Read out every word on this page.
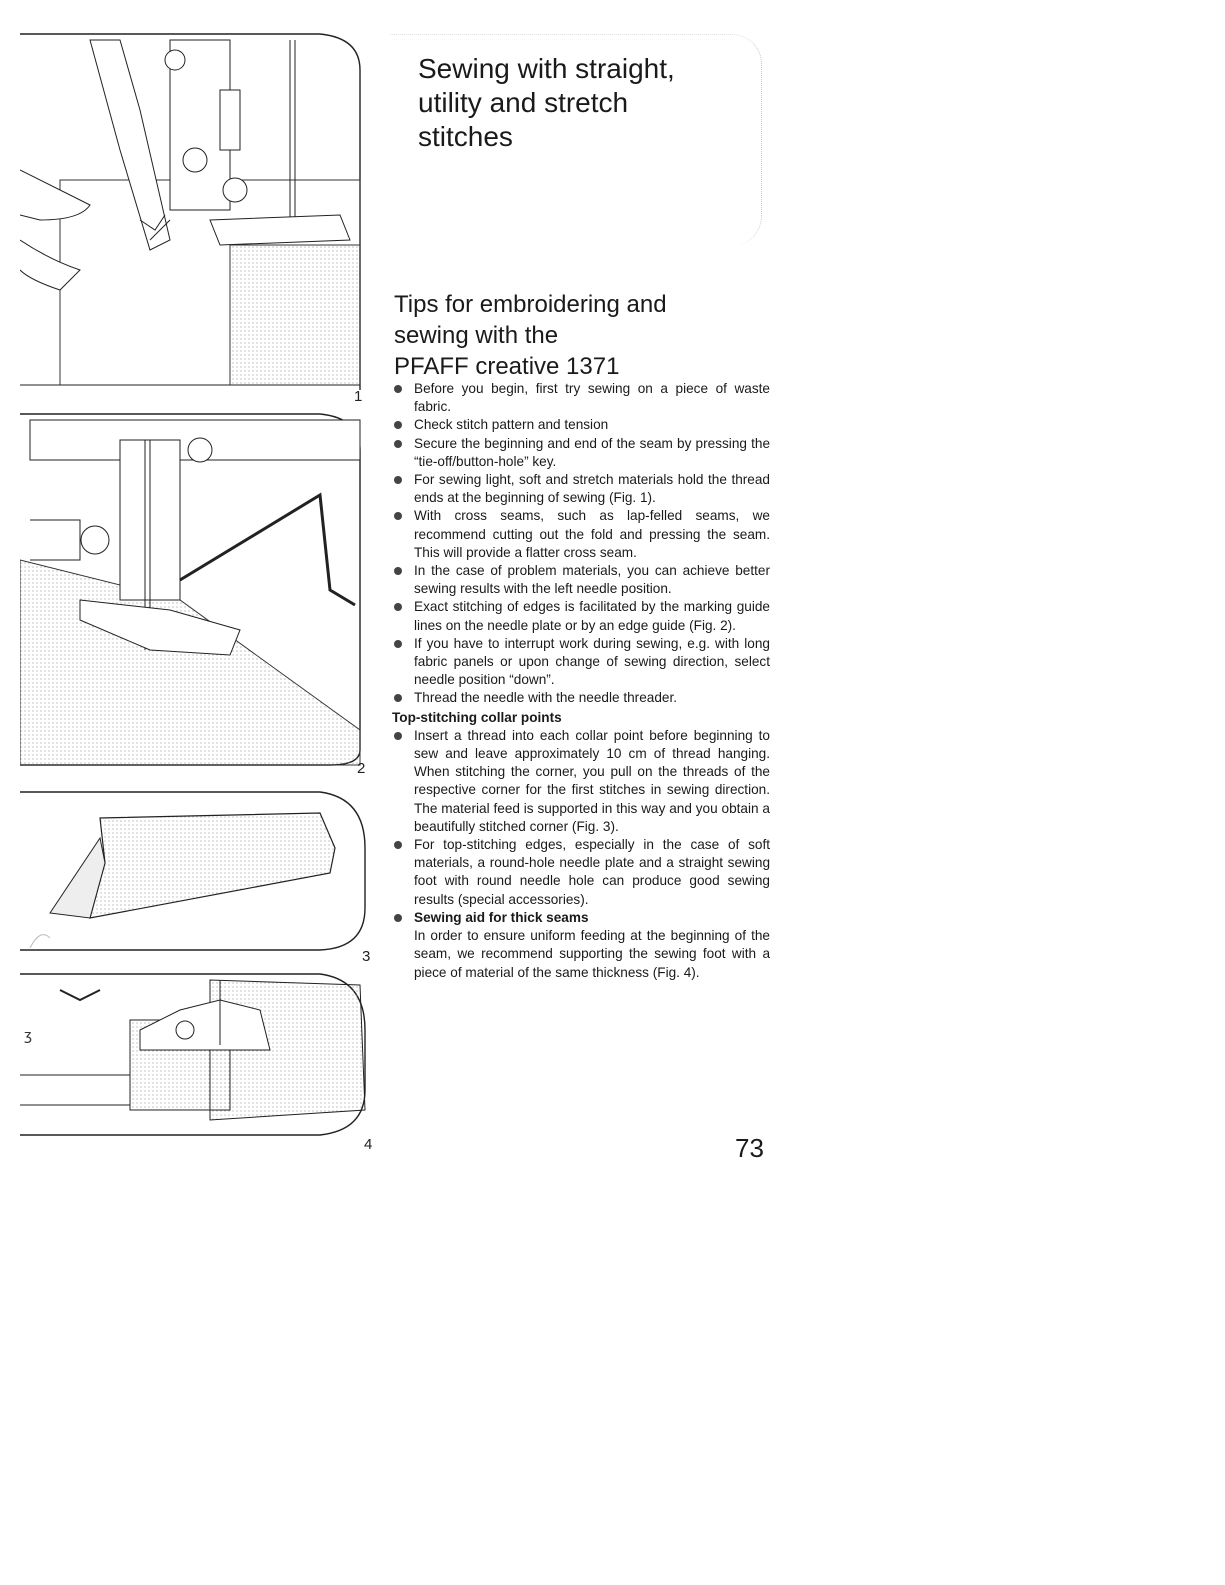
1
2
3
ʒ
4
Sewing with straight,
utility and stretch
stitches
Tips for embroidering and
sewing with the
PFAFF creative 1371
Before you begin, first try sewing on a piece of waste fabric.
Check stitch pattern and tension
Secure the beginning and end of the seam by pressing the “tie-off/button-hole” key.
For sewing light, soft and stretch materials hold the thread ends at the beginning of sewing (Fig. 1).
With cross seams, such as lap-felled seams, we recommend cutting out the fold and pressing the seam. This will provide a flatter cross seam.
In the case of problem materials, you can achieve better sewing results with the left needle position.
Exact stitching of edges is facilitated by the marking guide lines on the needle plate or by an edge guide (Fig. 2).
If you have to interrupt work during sewing, e.g. with long fabric panels or upon change of sewing direction, select needle position “down”.
Thread the needle with the needle threader.
Top-stitching collar points
Insert a thread into each collar point before beginning to sew and leave approximately 10 cm of thread hanging. When stitching the corner, you pull on the threads of the respective corner for the first stitches in sewing direction. The material feed is supported in this way and you obtain a beautifully stitched corner (Fig. 3).
For top-stitching edges, especially in the case of soft materials, a round-hole needle plate and a straight sewing foot with round needle hole can produce good sewing results (special accessories).
Sewing aid for thick seams
In order to ensure uniform feeding at the beginning of the seam, we recommend supporting the sewing foot with a piece of material of the same thickness (Fig. 4).
73
